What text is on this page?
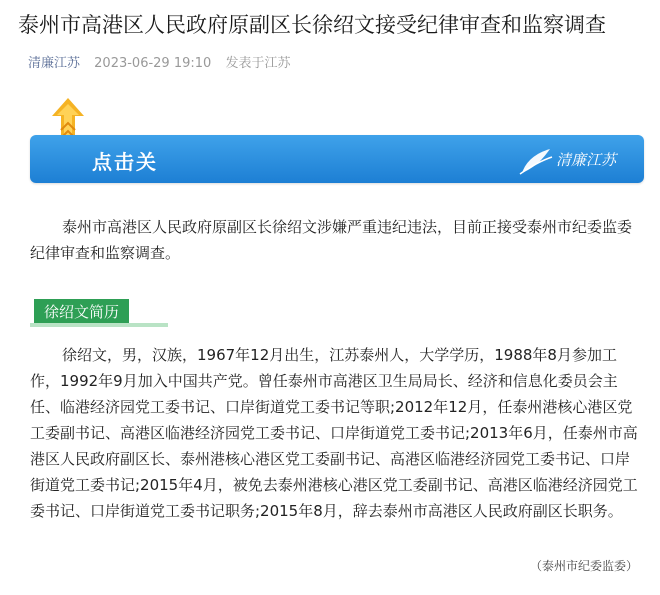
泰州市高港区人民政府原副区长徐绍文接受纪律审查和监察调查
清廉江苏 2023-06-29 19:10 发表于江苏
点击关	清廉江苏

泰州市高港区人民政府原副区长徐绍文涉嫌严重违纪违法，目前正接受泰州市纪委监委纪律审查和监察调查。

徐绍文简历

徐绍文，男，汉族，1967年12月出生，江苏泰州人，大学学历，1988年8月参加工作，1992年9月加入中国共产党。曾任泰州市高港区卫生局局长、经济和信息化委员会主任、临港经济园党工委书记、口岸街道党工委书记等职;2012年12月，任泰州港核心港区党工委副书记、高港区临港经济园党工委书记、口岸街道党工委书记;2013年6月，任泰州市高港区人民政府副区长、泰州港核心港区党工委副书记、高港区临港经济园党工委书记、口岸街道党工委书记;2015年4月，被免去泰州港核心港区党工委副书记、高港区临港经济园党工委书记、口岸街道党工委书记职务;2015年8月，辞去泰州市高港区人民政府副区长职务。

（泰州市纪委监委）
